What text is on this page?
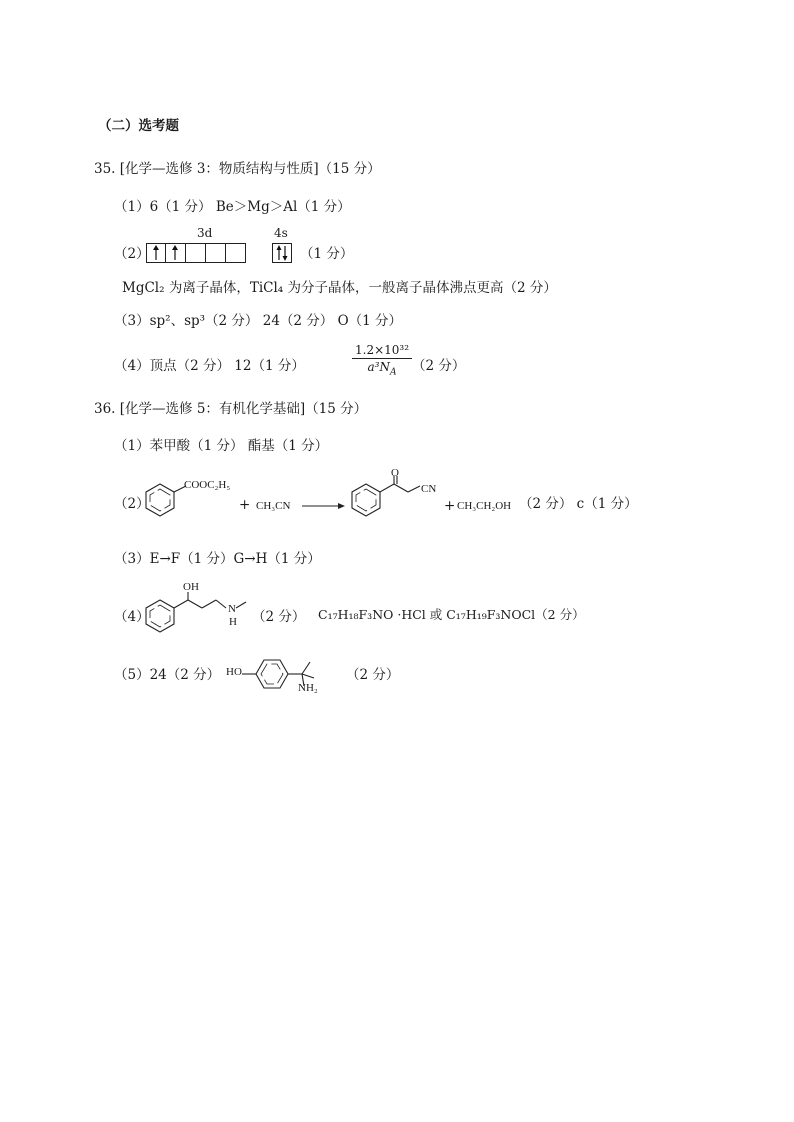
（二）选考题
35. [化学—选修 3：物质结构与性质]（15 分）
（1）6（1 分） Be＞Mg＞Al（1 分）
（2）
3d	4s
（1 分）
MgCl₂ 为离子晶体，TiCl₄ 为分子晶体，一般离子晶体沸点更高（2 分）
（3）sp²、sp³（2 分） 24（2 分） O（1 分）
（4）顶点（2 分） 12（1 分）	$\frac{\text{1.2×10³²}}{a^3N_A} (2$ 分）
36. [化学—选修 5：有机化学基础]（15 分）
（1）苯甲酸（1 分） 酯基（1 分）
（2）
COOC₂H₅
+ CH₃CN →
O
CN
+ CH₃CH₂OH （2 分） c（1 分）
（3）E→F（1 分）G→H（1 分）
（4）
OH
N
H （2 分） C₁₇H₁₈F₃NO ·HCl 或 C₁₇H₁₉F₃NOCl（2 分）
（5）24（2 分） HO
NH₂
（2 分）
